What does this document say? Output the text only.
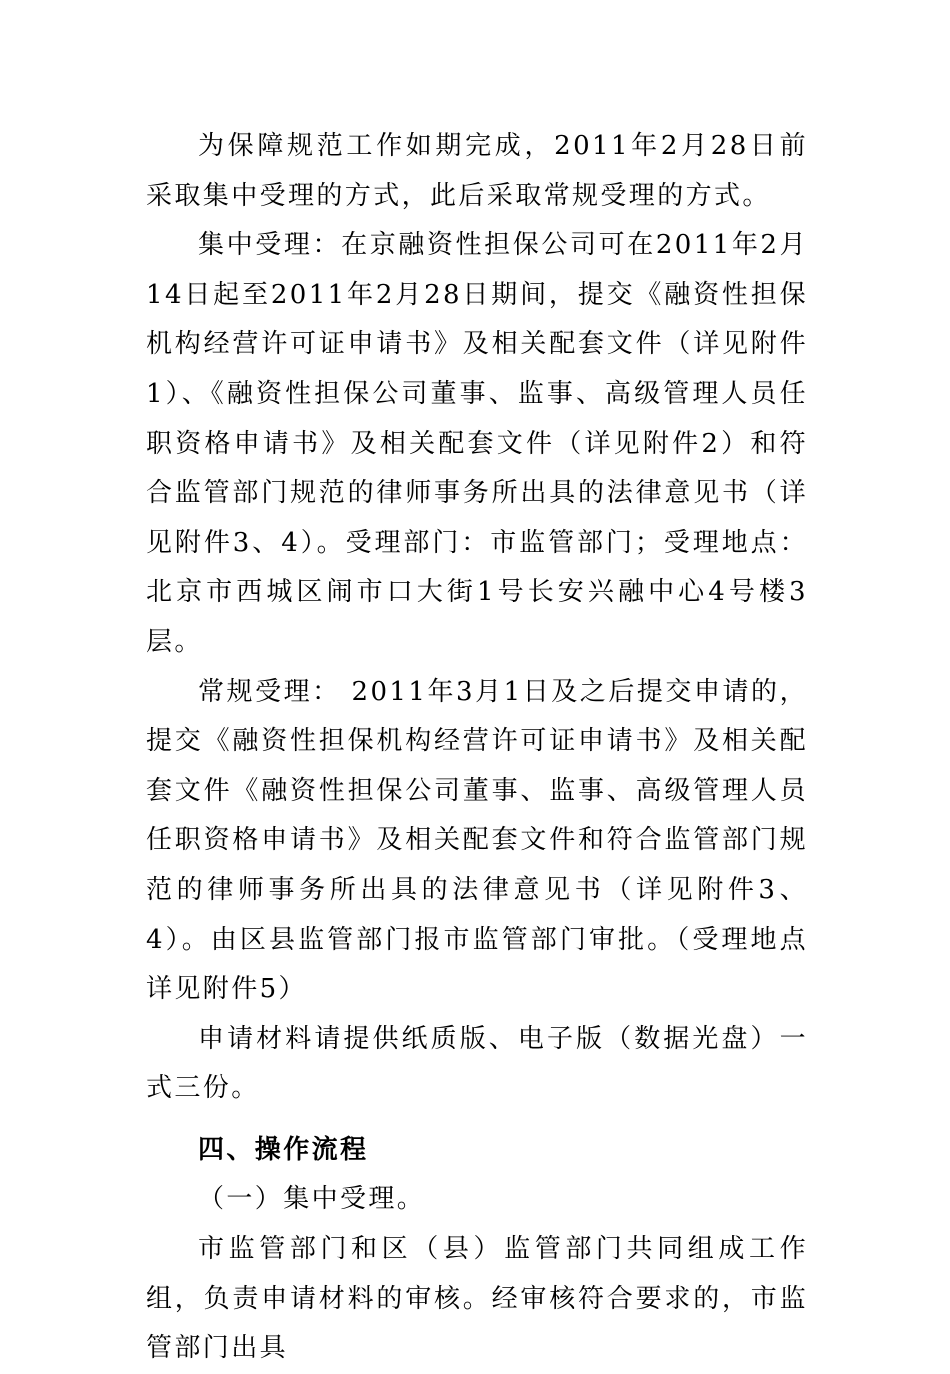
为保障规范工作如期完成，2011年2月28日前采取集中受理的方式，此后采取常规受理的方式。

集中受理：在京融资性担保公司可在2011年2月14日起至2011年2月28日期间，提交《融资性担保机构经营许可证申请书》及相关配套文件（详见附件1）、《融资性担保公司董事、监事、高级管理人员任职资格申请书》及相关配套文件（详见附件2）和符合监管部门规范的律师事务所出具的法律意见书（详见附件3、4）。受理部门：市监管部门；受理地点：北京市西城区闹市口大街1号长安兴融中心4号楼3层。

常规受理： 2011年3月1日及之后提交申请的，提交《融资性担保机构经营许可证申请书》及相关配套文件《融资性担保公司董事、监事、高级管理人员任职资格申请书》及相关配套文件和符合监管部门规范的律师事务所出具的法律意见书（详见附件3、4）。由区县监管部门报市监管部门审批。（受理地点详见附件5）

申请材料请提供纸质版、电子版（数据光盘）一式三份。

四、操作流程

（一）集中受理。

市监管部门和区（县）监管部门共同组成工作组，负责申请材料的审核。经审核符合要求的，市监管部门出具
